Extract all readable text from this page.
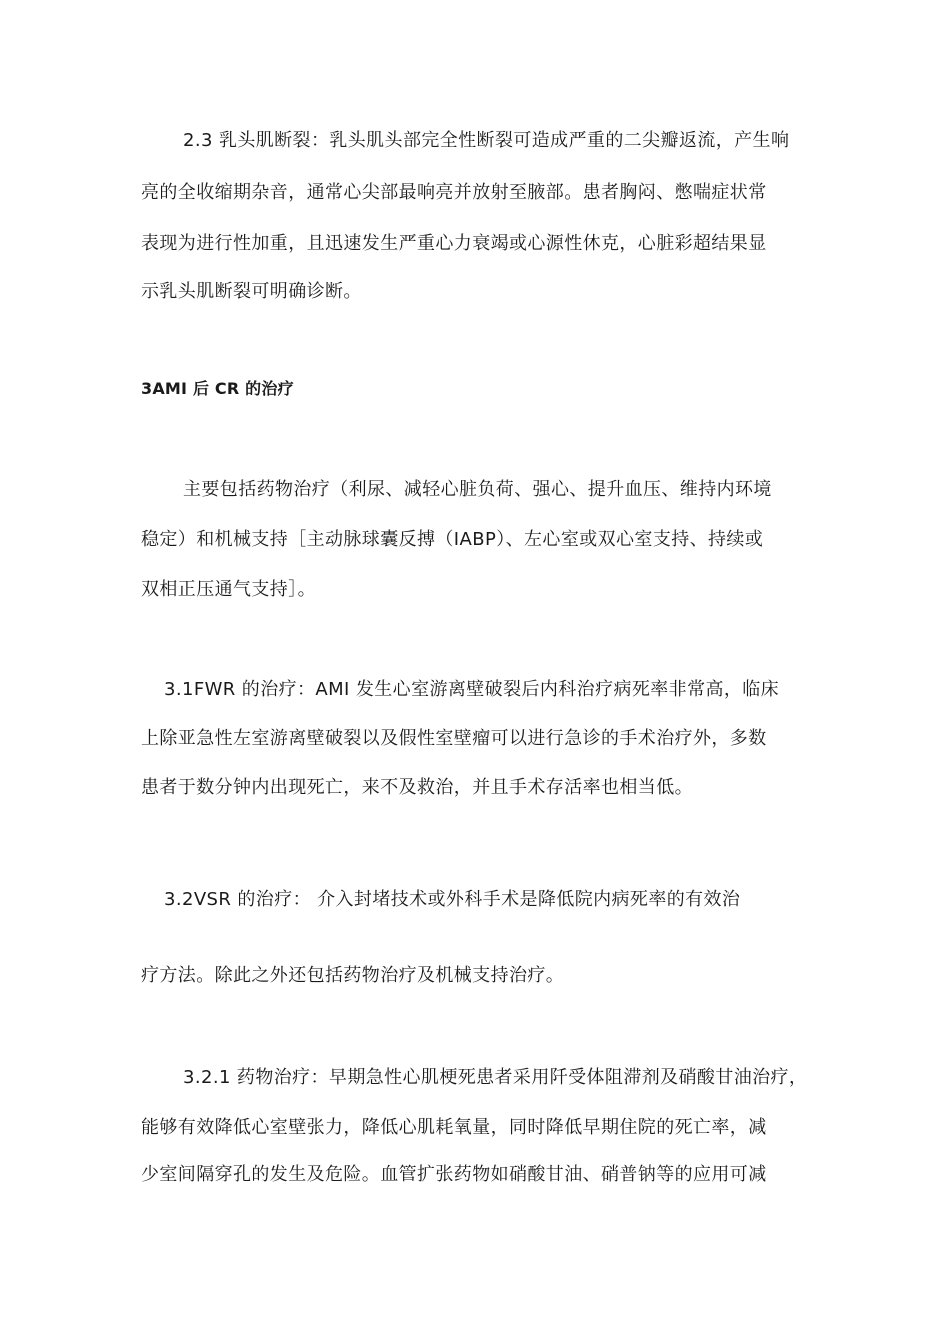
2.3 乳头肌断裂：乳头肌头部完全性断裂可造成严重的二尖瓣返流，产生响
亮的全收缩期杂音，通常心尖部最响亮并放射至腋部。患者胸闷、憋喘症状常
表现为进行性加重，且迅速发生严重心力衰竭或心源性休克，心脏彩超结果显
示乳头肌断裂可明确诊断。
3AMI 后 CR 的治疗
主要包括药物治疗（利尿、减轻心脏负荷、强心、提升血压、维持内环境
稳定）和机械支持［主动脉球囊反搏（IABP）、左心室或双心室支持、持续或
双相正压通气支持］。
3.1FWR 的治疗：AMI 发生心室游离壁破裂后内科治疗病死率非常高，临床
上除亚急性左室游离壁破裂以及假性室壁瘤可以进行急诊的手术治疗外，多数
患者于数分钟内出现死亡，来不及救治，并且手术存活率也相当低。
3.2VSR 的治疗： 介入封堵技术或外科手术是降低院内病死率的有效治
疗方法。除此之外还包括药物治疗及机械支持治疗。
3.2.1 药物治疗：早期急性心肌梗死患者采用阡受体阻滞剂及硝酸甘油治疗，
能够有效降低心室壁张力，降低心肌耗氧量，同时降低早期住院的死亡率，减
少室间隔穿孔的发生及危险。血管扩张药物如硝酸甘油、硝普钠等的应用可减
